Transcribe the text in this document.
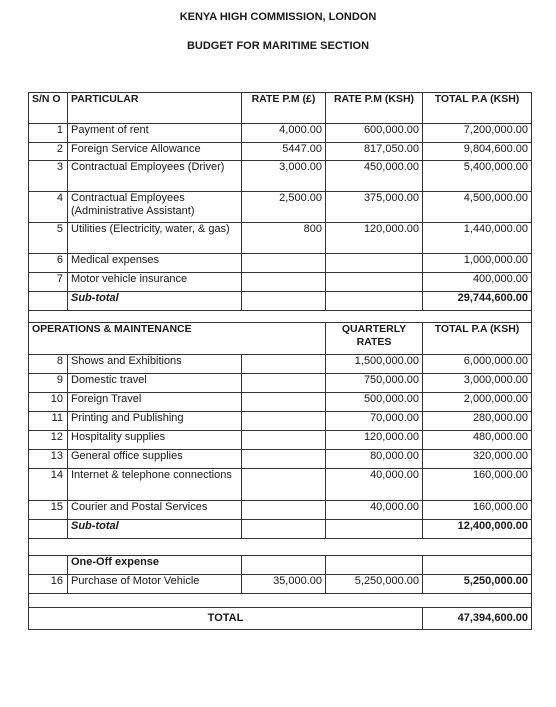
KENYA HIGH COMMISSION, LONDON
BUDGET FOR MARITIME SECTION
S/N O	PARTICULAR	RATE P.M (£)	RATE P.M (KSH)	TOTAL P.A (KSH)
1	Payment of rent	4,000.00	600,000.00	7,200,000.00
2	Foreign Service Allowance	5447.00	817,050.00	9,804,600.00
3	Contractual Employees (Driver)	3,000.00	450,000.00	5,400,000.00
4	Contractual Employees (Administrative Assistant)	2,500.00	375,000.00	4,500,000.00
5	Utilities (Electricity, water, & gas)	800	120,000.00	1,440,000.00
6	Medical expenses			1,000,000.00
7	Motor vehicle insurance			400,000.00
	Sub-total			29,744,600.00

OPERATIONS & MAINTENANCE			QUARTERLY RATES	TOTAL P.A (KSH)
8	Shows and Exhibitions		1,500,000.00	6,000,000.00
9	Domestic travel		750,000.00	3,000,000.00
10	Foreign Travel		500,000.00	2,000,000.00
11	Printing and Publishing		70,000.00	280,000.00
12	Hospitality supplies		120,000.00	480,000.00
13	General office supplies		80,000.00	320,000.00
14	Internet & telephone connections		40,000.00	160,000.00
15	Courier and Postal Services		40,000.00	160,000.00
	Sub-total			12,400,000.00

	One-Off expense			
16	Purchase of Motor Vehicle	35,000.00	5,250,000.00	5,250,000.00

TOTAL				47,394,600.00
